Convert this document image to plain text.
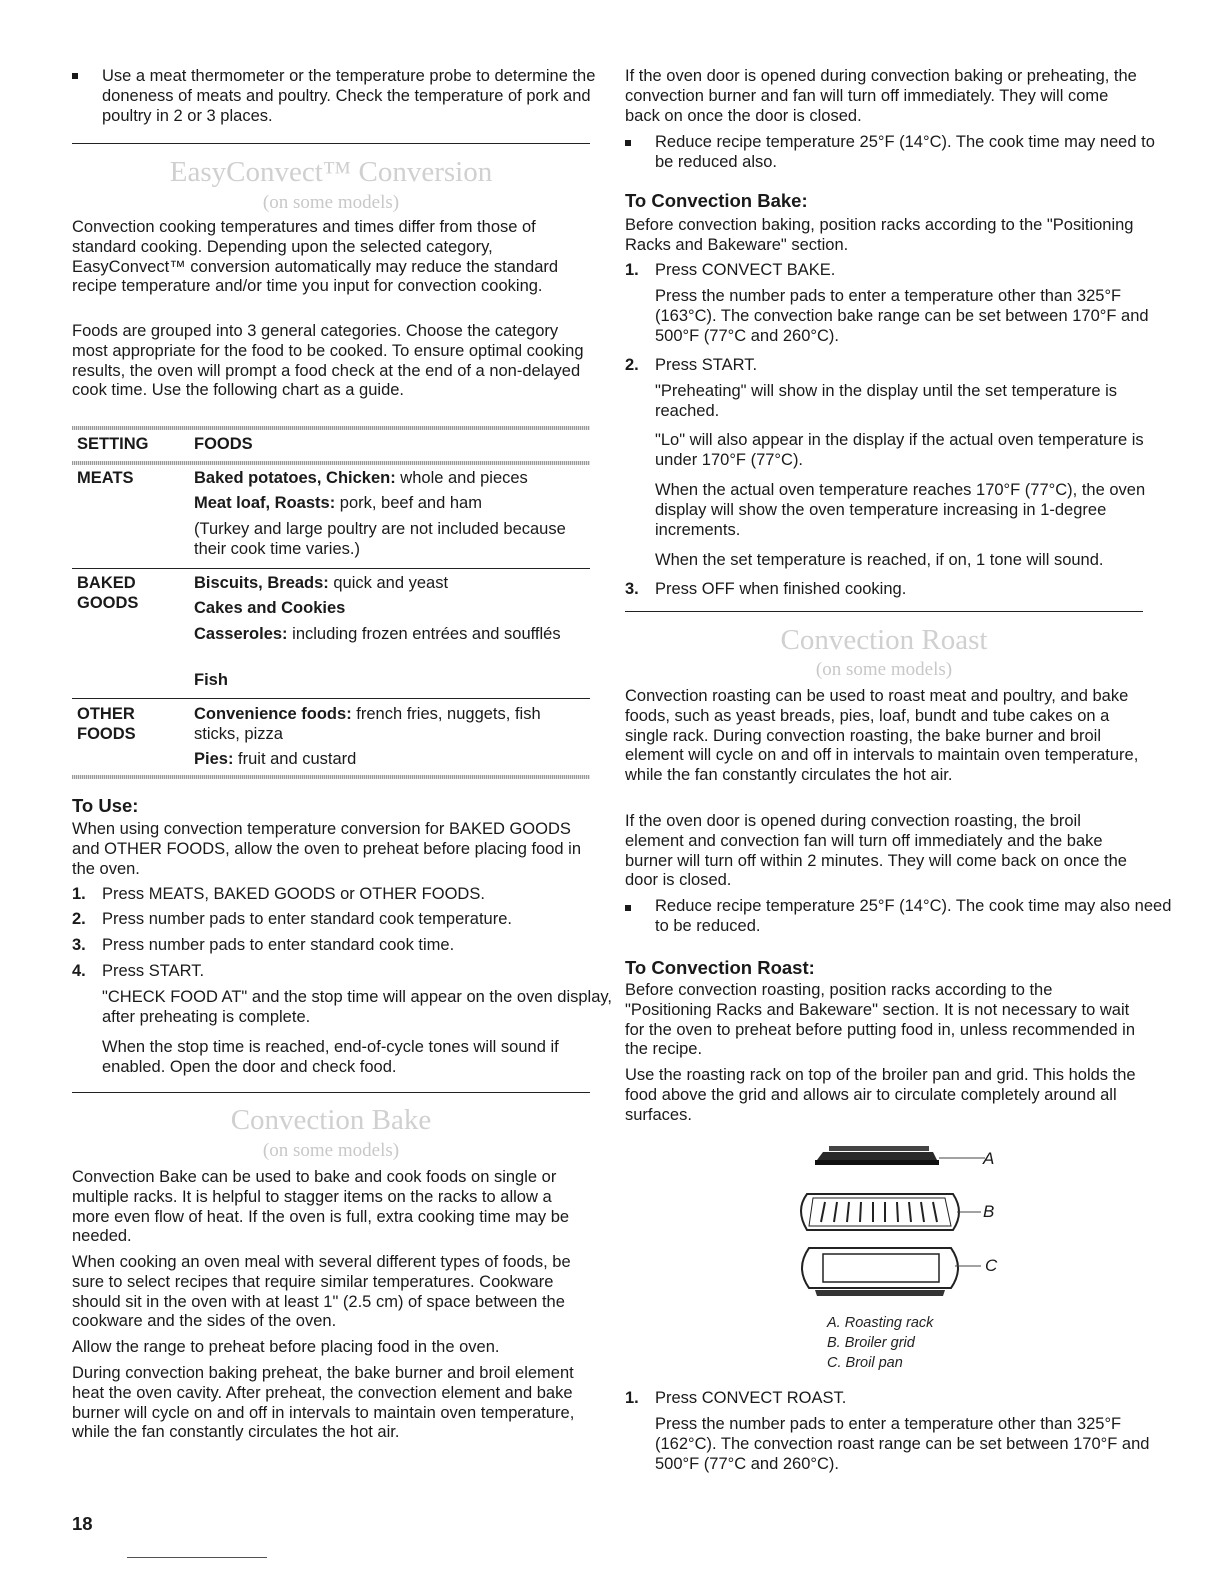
Use a meat thermometer or the temperature probe to determine the doneness of meats and poultry. Check the temperature of pork and poultry in 2 or 3 places.

EasyConvect™ Conversion
(on some models)

Convection cooking temperatures and times differ from those of standard cooking. Depending upon the selected category, EasyConvect™ conversion automatically may reduce the standard recipe temperature and/or time you input for convection cooking.

Foods are grouped into 3 general categories. Choose the category most appropriate for the food to be cooked. To ensure optimal cooking results, the oven will prompt a food check at the end of a non-delayed cook time. Use the following chart as a guide.

SETTING	FOODS
MEATS	Baked potatoes, Chicken: whole and pieces
Meat loaf, Roasts: pork, beef and ham
(Turkey and large poultry are not included because their cook time varies.)
BAKED
GOODS
Biscuits, Breads: quick and yeast
Cakes and Cookies
Casseroles: including frozen entrées and soufflés
Fish
OTHER
FOODS
Convenience foods: french fries, nuggets, fish sticks, pizza
Pies: fruit and custard
To Use:

When using convection temperature conversion for BAKED GOODS and OTHER FOODS, allow the oven to preheat before placing food in the oven.

1. Press MEATS, BAKED GOODS or OTHER FOODS.

2. Press number pads to enter standard cook temperature.

3. Press number pads to enter standard cook time.

4. Press START.

"CHECK FOOD AT" and the stop time will appear on the oven display, after preheating is complete.

When the stop time is reached, end-of-cycle tones will sound if enabled. Open the door and check food.

Convection Bake
(on some models)

Convection Bake can be used to bake and cook foods on single or multiple racks. It is helpful to stagger items on the racks to allow a more even flow of heat. If the oven is full, extra cooking time may be needed.

When cooking an oven meal with several different types of foods, be sure to select recipes that require similar temperatures. Cookware should sit in the oven with at least 1" (2.5 cm) of space between the cookware and the sides of the oven.

Allow the range to preheat before placing food in the oven.

During convection baking preheat, the bake burner and broil element heat the oven cavity. After preheat, the convection element and bake burner will cycle on and off in intervals to maintain oven temperature, while the fan constantly circulates the hot air.

18

If the oven door is opened during convection baking or preheating, the convection burner and fan will turn off immediately. They will come back on once the door is closed.

Reduce recipe temperature 25°F (14°C). The cook time may need to be reduced also.

To Convection Bake:

Before convection baking, position racks according to the "Positioning Racks and Bakeware" section.

1. Press CONVECT BAKE.

Press the number pads to enter a temperature other than 325°F (163°C). The convection bake range can be set between 170°F and 500°F (77°C and 260°C).

2. Press START.

"Preheating" will show in the display until the set temperature is reached.

"Lo" will also appear in the display if the actual oven temperature is under 170°F (77°C).

When the actual oven temperature reaches 170°F (77°C), the oven display will show the oven temperature increasing in 1-degree increments.

When the set temperature is reached, if on, 1 tone will sound.

3. Press OFF when finished cooking.

Convection Roast
(on some models)

Convection roasting can be used to roast meat and poultry, and bake foods, such as yeast breads, pies, loaf, bundt and tube cakes on a single rack. During convection roasting, the bake burner and broil element will cycle on and off in intervals to maintain oven temperature, while the fan constantly circulates the hot air.

If the oven door is opened during convection roasting, the broil element and convection fan will turn off immediately and the bake burner will turn off within 2 minutes. They will come back on once the door is closed.

Reduce recipe temperature 25°F (14°C). The cook time may also need to be reduced.

To Convection Roast:

Before convection roasting, position racks according to the "Positioning Racks and Bakeware" section. It is not necessary to wait for the oven to preheat before putting food in, unless recommended in the recipe.

Use the roasting rack on top of the broiler pan and grid. This holds the food above the grid and allows air to circulate completely around all surfaces.

A
B
C
A. Roasting rack
B. Broiler grid
C. Broil pan
1. Press CONVECT ROAST.

Press the number pads to enter a temperature other than 325°F (162°C). The convection roast range can be set between 170°F and 500°F (77°C and 260°C).
